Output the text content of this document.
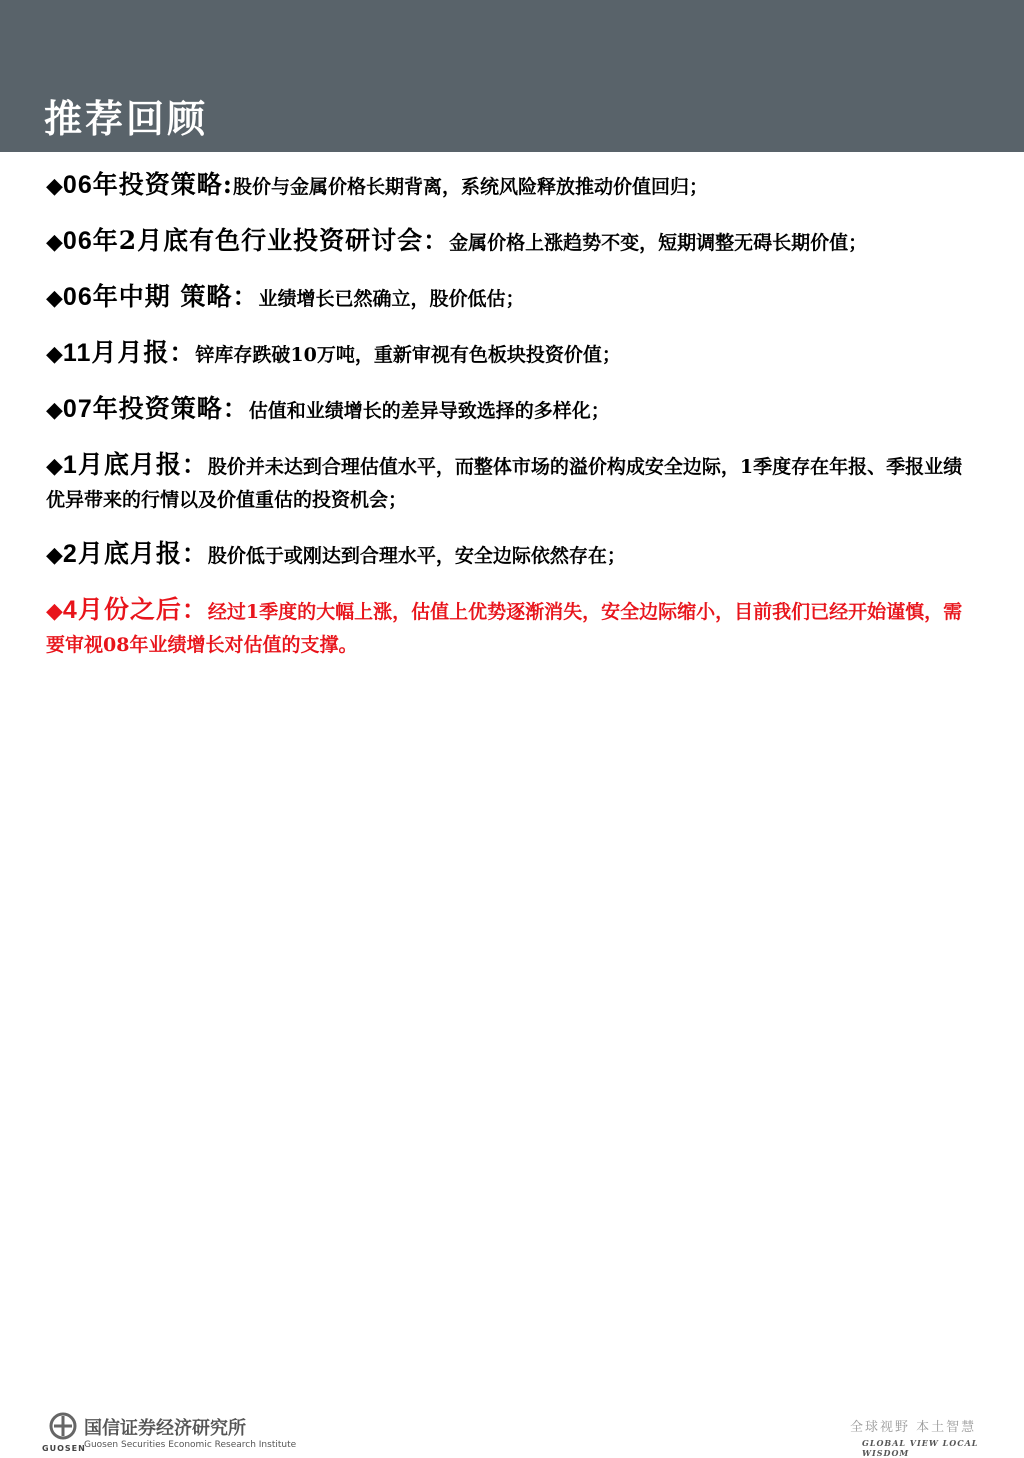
推荐回顾
◆06年投资策略:股价与金属价格长期背离，系统风险释放推动价值回归；
◆06年2月底有色行业投资研讨会：金属价格上涨趋势不变，短期调整无碍长期价值；
◆06年中期 策略：业绩增长已然确立，股价低估；
◆11月月报：锌库存跌破10万吨，重新审视有色板块投资价值；
◆07年投资策略：估值和业绩增长的差异导致选择的多样化；
◆1月底月报：股价并未达到合理估值水平，而整体市场的溢价构成安全边际，1季度存在年报、季报业绩优异带来的行情以及价值重估的投资机会；
◆2月底月报：股价低于或刚达到合理水平，安全边际依然存在；
◆4月份之后：经过1季度的大幅上涨，估值上优势逐渐消失，安全边际缩小，目前我们已经开始谨慎，需要审视08年业绩增长对估值的支撑。
GUOSEN
国信证券经济研究所
Guosen Securities Economic Research Institute
全球视野 本土智慧
GLOBAL VIEW LOCAL WISDOM
